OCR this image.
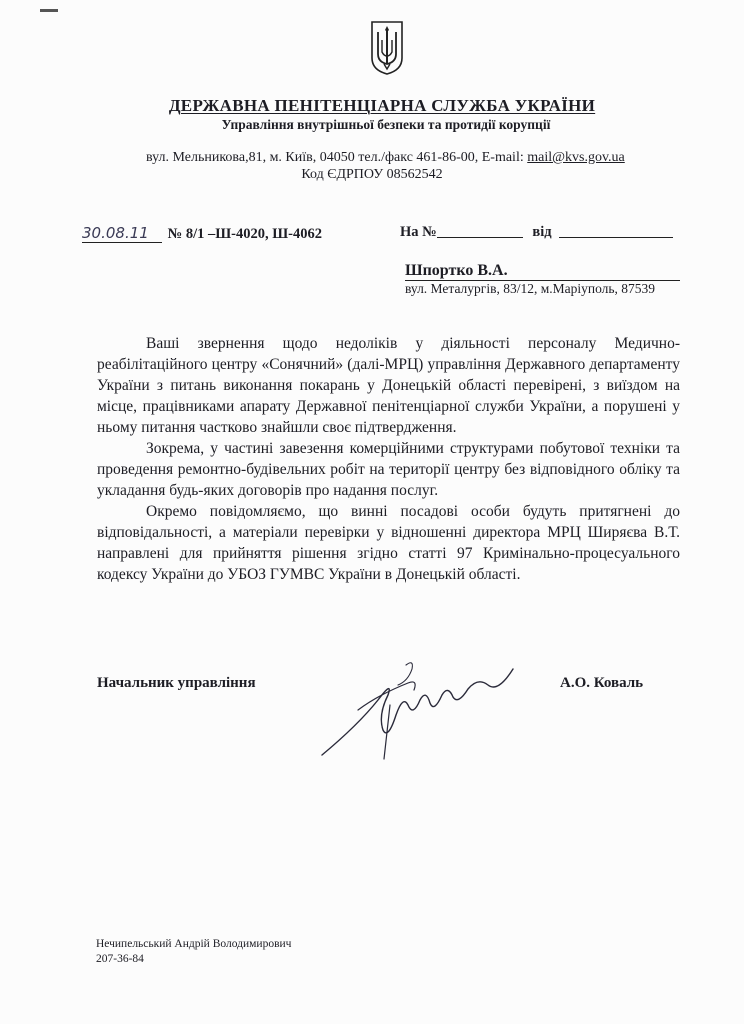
ДЕРЖАВНА ПЕНІТЕНЦІАРНА СЛУЖБА УКРАЇНИ
Управління внутрішньої безпеки та протидії корупції
вул. Мельникова,81, м. Київ, 04050 тел./факс 461-86-00, E-mail: mail@kvs.gov.ua
Код ЄДРПОУ 08562542
30.08.11 № 8/1 –Ш-4020, Ш-4062	На №	від
Шпортко В.А.
вул. Металургів, 83/12, м.Маріуполь, 87539

Ваші звернення щодо недоліків у діяльності персоналу Медично-реабілітаційного центру «Сонячний» (далі-МРЦ) управління Державного департаменту України з питань виконання покарань у Донецькій області перевірені, з виїздом на місце, працівниками апарату Державної пенітенціарної служби України, а порушені у ньому питання частково знайшли своє підтвердження.

Зокрема, у частині завезення комерційними структурами побутової техніки та проведення ремонтно-будівельних робіт на території центру без відповідного обліку та укладання будь-яких договорів про надання послуг.

Окремо повідомляємо, що винні посадові особи будуть притягнені до відповідальності, а матеріали перевірки у відношенні директора МРЦ Ширяєва В.Т. направлені для прийняття рішення згідно статті 97 Кримінально-процесуального кодексу України до УБОЗ ГУМВС України в Донецькій області.

Начальник управління	А.О. Коваль
Нечипельський Андрій Володимирович
207-36-84
